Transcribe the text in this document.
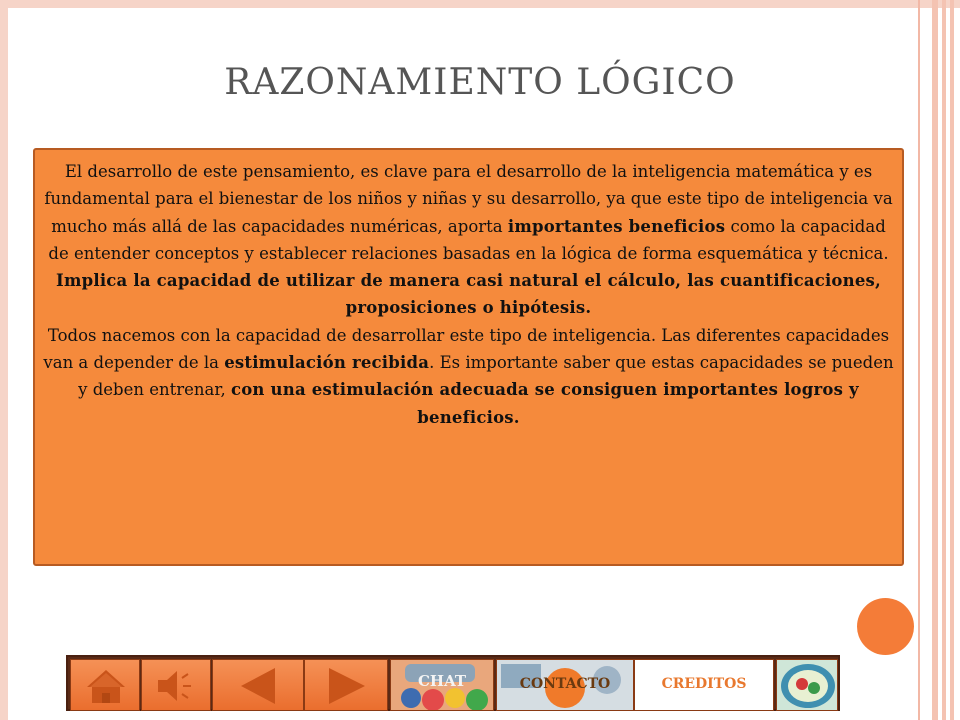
RAZONAMIENTO LÓGICO
El desarrollo de este pensamiento, es clave para el desarrollo de la inteligencia matemática y es fundamental para el bienestar de los niños y niñas y su desarrollo, ya que este tipo de inteligencia va mucho más allá de las capacidades numéricas, aporta importantes beneficios como la capacidad de entender conceptos y establecer relaciones basadas en la lógica de forma esquemática y técnica. Implica la capacidad de utilizar de manera casi natural el cálculo, las cuantificaciones, proposiciones o hipótesis.
Todos nacemos con la capacidad de desarrollar este tipo de inteligencia. Las diferentes capacidades van a depender de la estimulación recibida. Es importante saber que estas capacidades se pueden y deben entrenar, con una estimulación adecuada se consiguen importantes logros y beneficios.
CHAT	CONTACTO	CREDITOS
